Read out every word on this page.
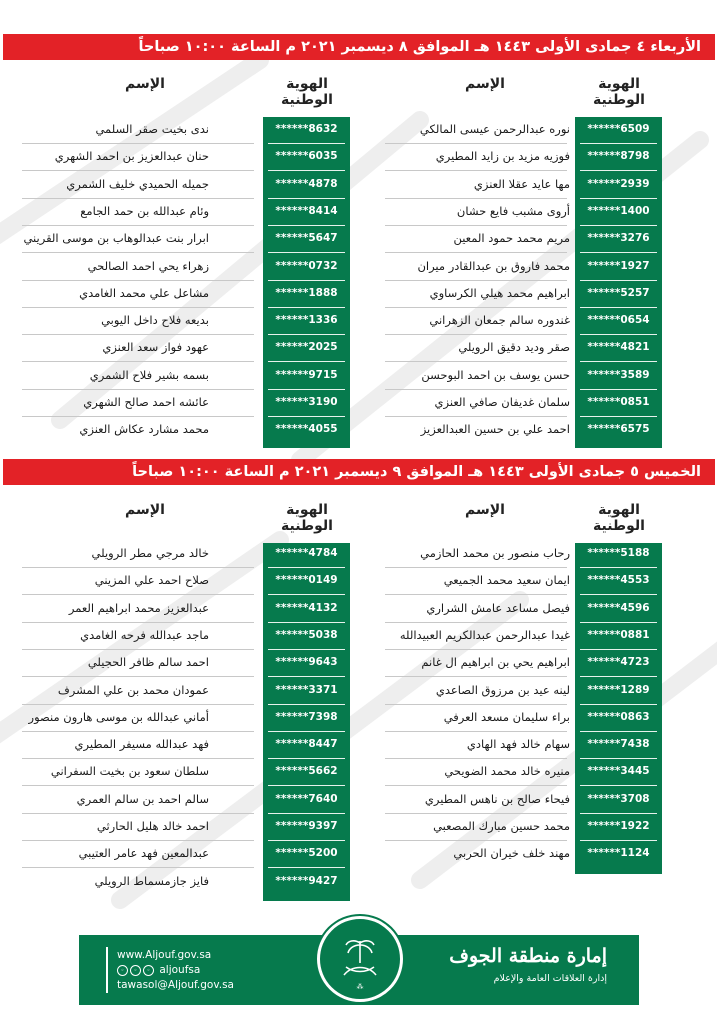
الأربعاء ٤ جمادى الأولى ١٤٤٣ هـ الموافق ٨ ديسمبر ٢٠٢١ م الساعة ١٠:٠٠ صباحاً
الهوية الوطنية
الإسم
الهوية الوطنية
الإسم
******6509
******8798
******2939
******1400
******3276
******1927
******5257
******0654
******4821
******3589
******0851
******6575
نوره عبدالرحمن عيسى المالكي
فوزيه مزيد بن زايد المطيري
مها عايد عقلا العنزي
أروى مشبب فايع حشان
مريم محمد حمود المعين
محمد فاروق بن عبدالقادر ميران
ابراهيم محمد هيلي الكرساوي
غندوره سالم جمعان الزهراني
صقر وديد دقيق الرويلي
حسن يوسف بن احمد البوحسن
سلمان غديفان صافي العنزي
احمد علي بن حسين العبدالعزيز
******8632
******6035
******4878
******8414
******5647
******0732
******1888
******1336
******2025
******9715
******3190
******4055
ندى بخيت صقر السلمي
حنان عبدالعزيز بن احمد الشهري
جميله الحميدي خليف الشمري
وئام عبدالله بن حمد الجامع
ابرار بنت عبدالوهاب بن موسى القريني
زهراء يحي احمد الصالحي
مشاعل علي محمد الغامدي
بديعه فلاح داخل اليوبي
عهود فواز سعد العنزي
بسمه بشير فلاح الشمري
عائشه احمد صالح الشهري
محمد مشارد عكاش العنزي
الخميس ٥ جمادى الأولى ١٤٤٣ هـ الموافق ٩ ديسمبر ٢٠٢١ م الساعة ١٠:٠٠ صباحاً
الهوية الوطنية
الإسم
الهوية الوطنية
الإسم
******5188
******4553
******4596
******0881
******4723
******1289
******0863
******7438
******3445
******3708
******1922
******1124
رحاب منصور بن محمد الحازمي
ايمان سعيد محمد الجميعي
فيصل مساعد عامش الشراري
غيدا عبدالرحمن عبدالكريم العبيدالله
ابراهيم يحي بن ابراهيم ال غانم
لينه عيد بن مرزوق الصاعدي
براء سليمان مسعد العرفي
سهام خالد فهد الهادي
منيره خالد محمد الضويحي
فيحاء صالح بن ناهس المطيري
محمد حسين مبارك المصعبي
مهند خلف خيران الحربي
******4784
******0149
******4132
******5038
******9643
******3371
******7398
******8447
******5662
******7640
******9397
******5200
******9427
خالد مرجي مطر الرويلي
صلاح احمد علي المزيني
عبدالعزيز محمد ابراهيم العمر
ماجد عبدالله فرحه الغامدي
احمد سالم ظافر الحجيلي
عمودان محمد بن علي المشرف
أماني عبدالله بن موسى هارون منصور
فهد عبدالله مسيفر المطيري
سلطان سعود بن بخيت السفراني
سالم احمد بن سالم العمري
احمد خالد هليل الحارثي
عبدالمعين فهد عامر العتيبي
فايز جازمسماط الرويلي
www.Aljouf.gov.sa
◦ ◦ ◦ aljoufsa
tawasol@Aljouf.gov.sa	⁂
إمارة منطقة الجوف
إدارة العلاقات العامة والإعلام
